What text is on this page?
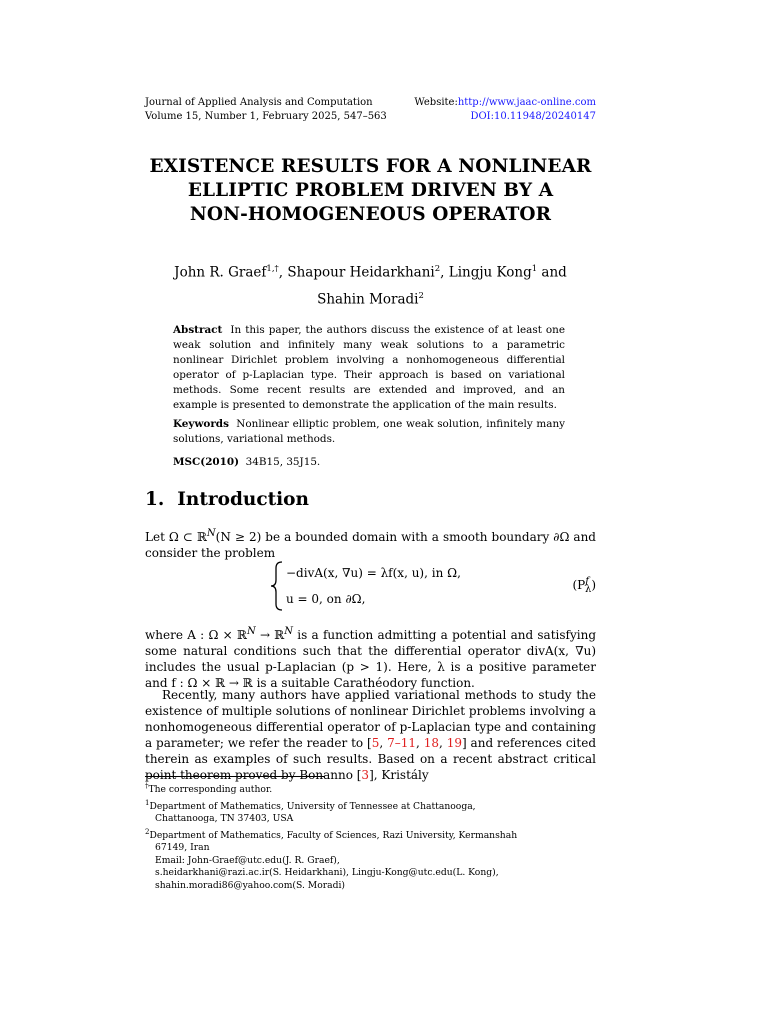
Journal of Applied Analysis and Computation
Volume 15, Number 1, February 2025, 547–563
Website:http://www.jaac-online.com
DOI:10.11948/20240147
EXISTENCE RESULTS FOR A NONLINEAR
ELLIPTIC PROBLEM DRIVEN BY A
NON-HOMOGENEOUS OPERATOR
John R. Graef$^{1,\dagger}$, Shapour Heidarkhani$^2$, Lingju Kong$^1$ and
Shahin Moradi$^2$
Abstract In this paper, the authors discuss the existence of at least one weak solution and infinitely many weak solutions to a parametric nonlinear Dirichlet problem involving a nonhomogeneous differential operator of p-Laplacian type. Their approach is based on variational methods. Some recent results are extended and improved, and an example is presented to demonstrate the application of the main results.
Keywords Nonlinear elliptic problem, one weak solution, infinitely many solutions, variational methods.
MSC(2010) 34B15, 35J15.
1. Introduction
Let Ω ⊂ ℝ$^N$(N ≥ 2) be a bounded domain with a smooth boundary ∂Ω and consider the problem
−divA(x, ∇u) = λf(x, u), in Ω,
u = 0, on ∂Ω,
$(P^f_\lambda)$
where A : Ω × ℝ$^N$ → ℝ$^N$ is a function admitting a potential and satisfying some natural conditions such that the differential operator divA(x, ∇u) includes the usual p-Laplacian (p > 1). Here, λ is a positive parameter and f : Ω × ℝ → ℝ is a suitable Carathéodory function.
Recently, many authors have applied variational methods to study the existence of multiple solutions of nonlinear Dirichlet problems involving a nonhomogeneous differential operator of p-Laplacian type and containing a parameter; we refer the reader to [5, 7–11, 18, 19] and references cited therein as examples of such results. Based on a recent abstract critical point theorem proved by Bonanno [3], Kristály

†The corresponding author.

$^1$Department of Mathematics, University of Tennessee at Chattanooga, Chattanooga, TN 37403, USA

$^2$Department of Mathematics, Faculty of Sciences, Razi University, Kermanshah 67149, Iran

Email: John-Graef@utc.edu(J. R. Graef),

s.heidarkhani@razi.ac.ir(S. Heidarkhani), Lingju-Kong@utc.edu(L. Kong),

shahin.moradi86@yahoo.com(S. Moradi)
